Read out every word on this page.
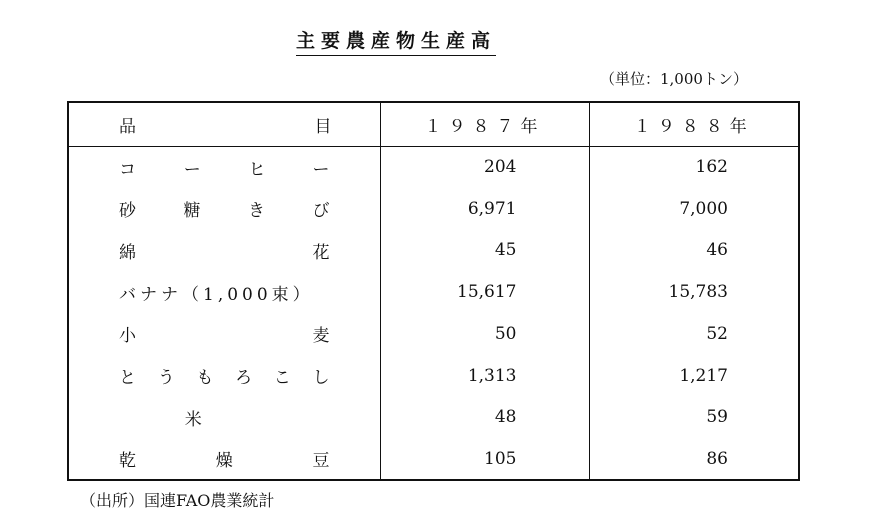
主要農産物生産高
（単位：1,000トン）
品目	１９８７年	１９８８年
コーヒー	204	162
砂糖きび	6,971	7,000
綿花	45	46
バナナ（1,000束）	15,617	15,783
小麦	50	52
とうもろこし	1,313	1,217
米	48	59
乾燥豆	105	86
（出所）国連FAO農業統計
